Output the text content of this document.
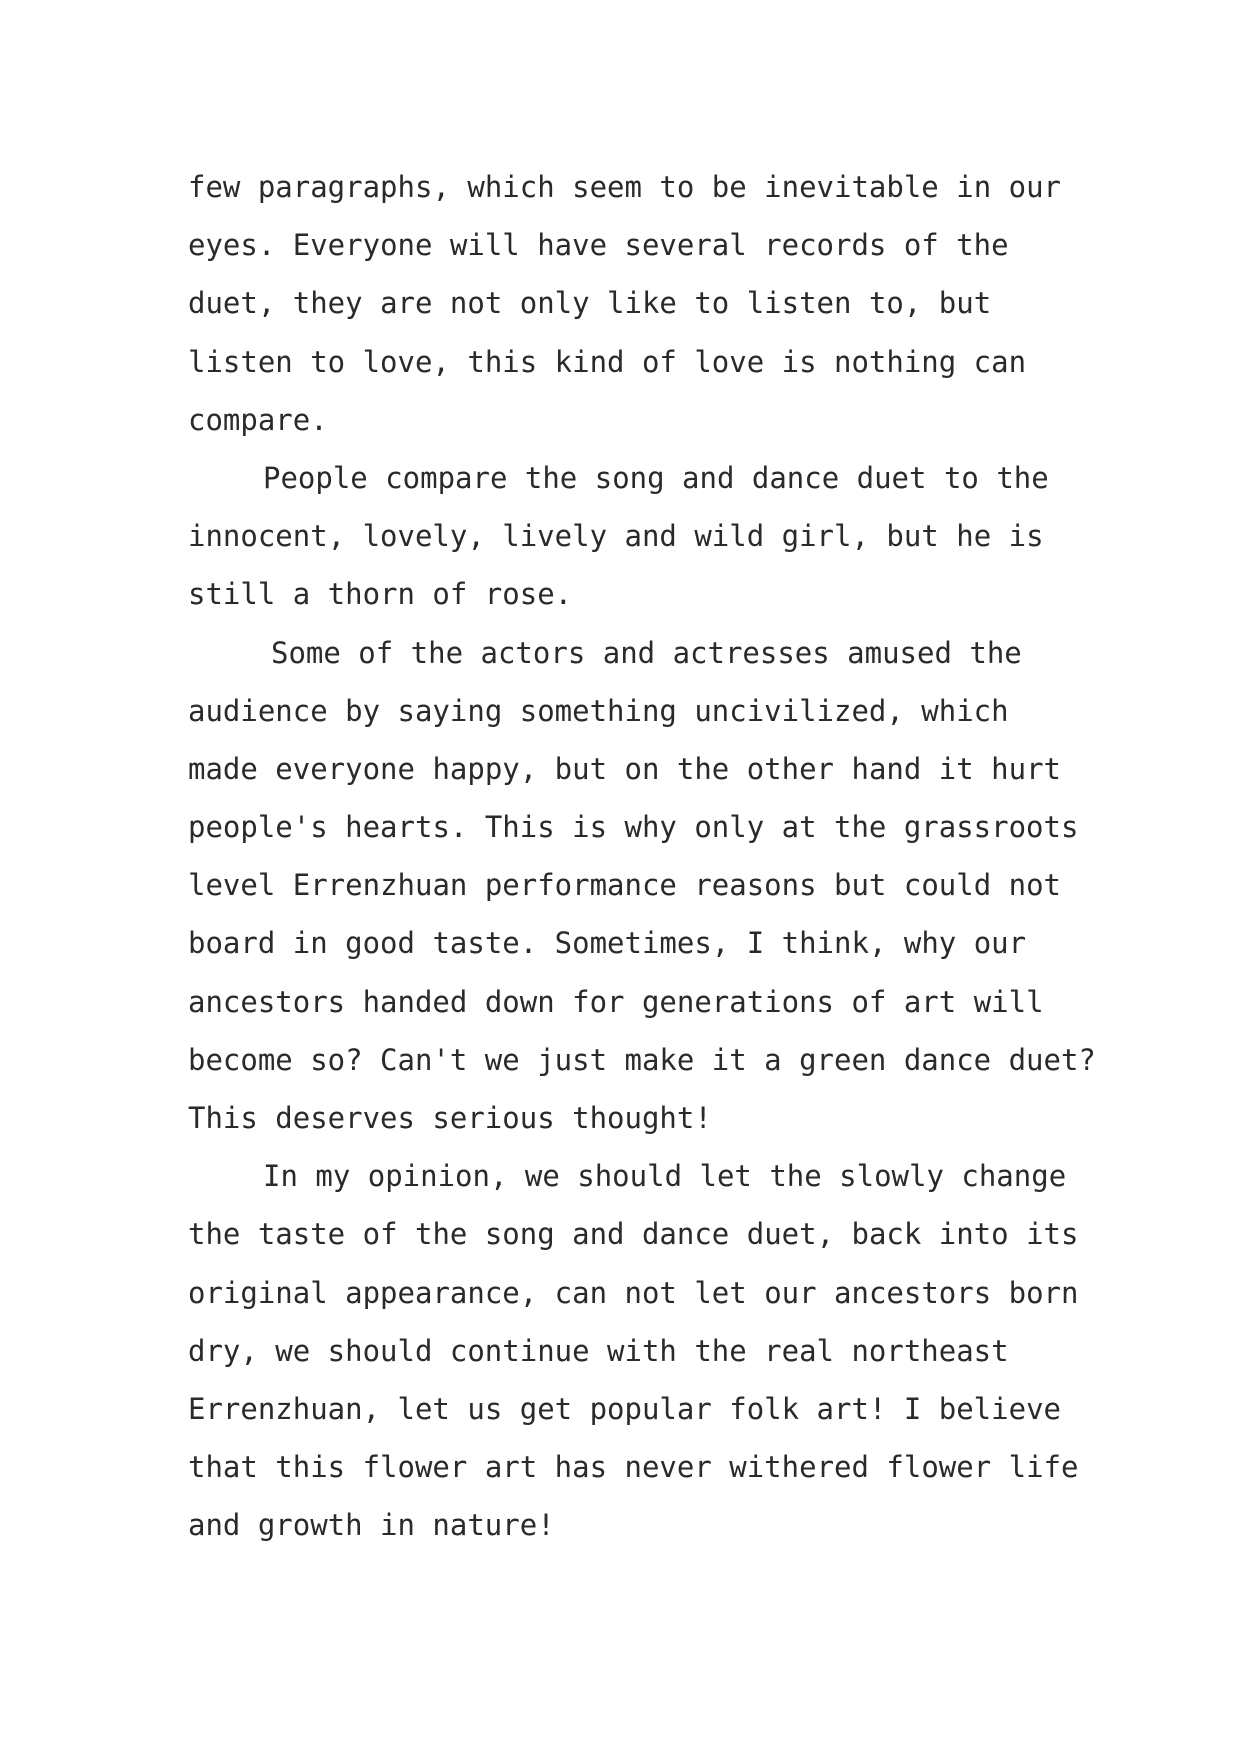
few paragraphs, which seem to be inevitable in our
eyes. Everyone will have several records of the
duet, they are not only like to listen to, but
listen to love, this kind of love is nothing can
compare.
People compare the song and dance duet to the
innocent, lovely, lively and wild girl, but he is
still a thorn of rose.
Some of the actors and actresses amused the
audience by saying something uncivilized, which
made everyone happy, but on the other hand it hurt
people's hearts. This is why only at the grassroots
level Errenzhuan performance reasons but could not
board in good taste. Sometimes, I think, why our
ancestors handed down for generations of art will
become so? Can't we just make it a green dance duet?
This deserves serious thought!
In my opinion, we should let the slowly change
the taste of the song and dance duet, back into its
original appearance, can not let our ancestors born
dry, we should continue with the real northeast
Errenzhuan, let us get popular folk art! I believe
that this flower art has never withered flower life
and growth in nature!
